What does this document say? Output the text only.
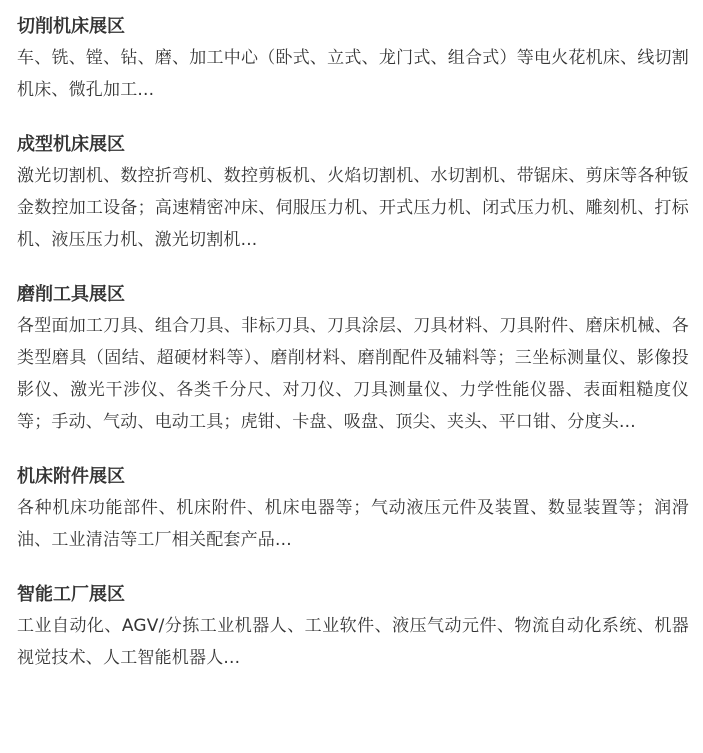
切削机床展区

车、铣、镗、钻、磨、加工中心（卧式、立式、龙门式、组合式）等电火花机床、线切割机床、微孔加工...

成型机床展区

激光切割机、数控折弯机、数控剪板机、火焰切割机、水切割机、带锯床、剪床等各种钣金数控加工设备；高速精密冲床、伺服压力机、开式压力机、闭式压力机、雕刻机、打标机、液压压力机、激光切割机...

磨削工具展区

各型面加工刀具、组合刀具、非标刀具、刀具涂层、刀具材料、刀具附件、磨床机械、各类型磨具（固结、超硬材料等）、磨削材料、磨削配件及辅料等；三坐标测量仪、影像投影仪、激光干涉仪、各类千分尺、对刀仪、刀具测量仪、力学性能仪器、表面粗糙度仪等；手动、气动、电动工具；虎钳、卡盘、吸盘、顶尖、夹头、平口钳、分度头...

机床附件展区

各种机床功能部件、机床附件、机床电器等；气动液压元件及装置、数显装置等；润滑油、工业清洁等工厂相关配套产品...

智能工厂展区

工业自动化、AGV/分拣工业机器人、工业软件、液压气动元件、物流自动化系统、机器视觉技术、人工智能机器人...
